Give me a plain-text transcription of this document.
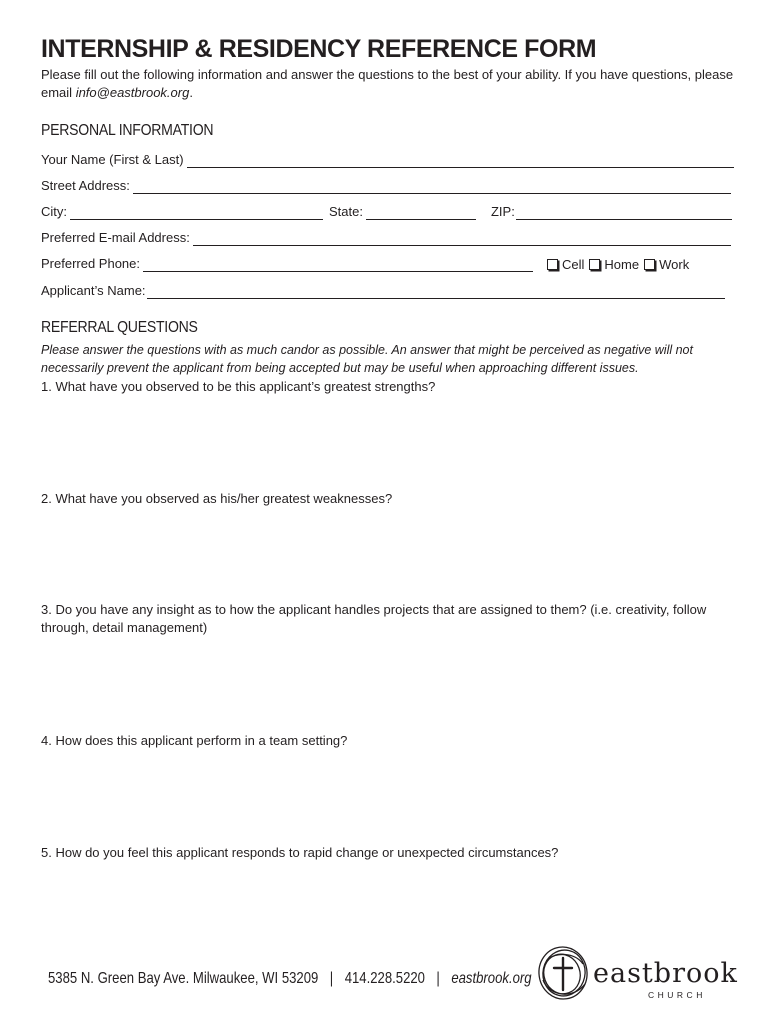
INTERNSHIP & RESIDENCY REFERENCE FORM
Please fill out the following information and answer the questions to the best of your ability. If you have questions, please email info@eastbrook.org.
PERSONAL INFORMATION
Your Name (First & Last)
Street Address:
City:	State:	ZIP:
Preferred E-mail Address:
Preferred Phone:	Cell Home Work
Applicant’s Name:
REFERRAL QUESTIONS
Please answer the questions with as much candor as possible. An answer that might be perceived as negative will not necessarily prevent the applicant from being accepted but may be useful when approaching different issues.
1. What have you observed to be this applicant’s greatest strengths?
2. What have you observed as his/her greatest weaknesses?
3. Do you have any insight as to how the applicant handles projects that are assigned to them? (i.e. creativity, follow through, detail management)
4. How does this applicant perform in a team setting?
5. How do you feel this applicant responds to rapid change or unexpected circumstances?
5385 N. Green Bay Ave. Milwaukee, WI 53209 | 414.228.5220 | eastbrook.org eastbrook
CHURCH
